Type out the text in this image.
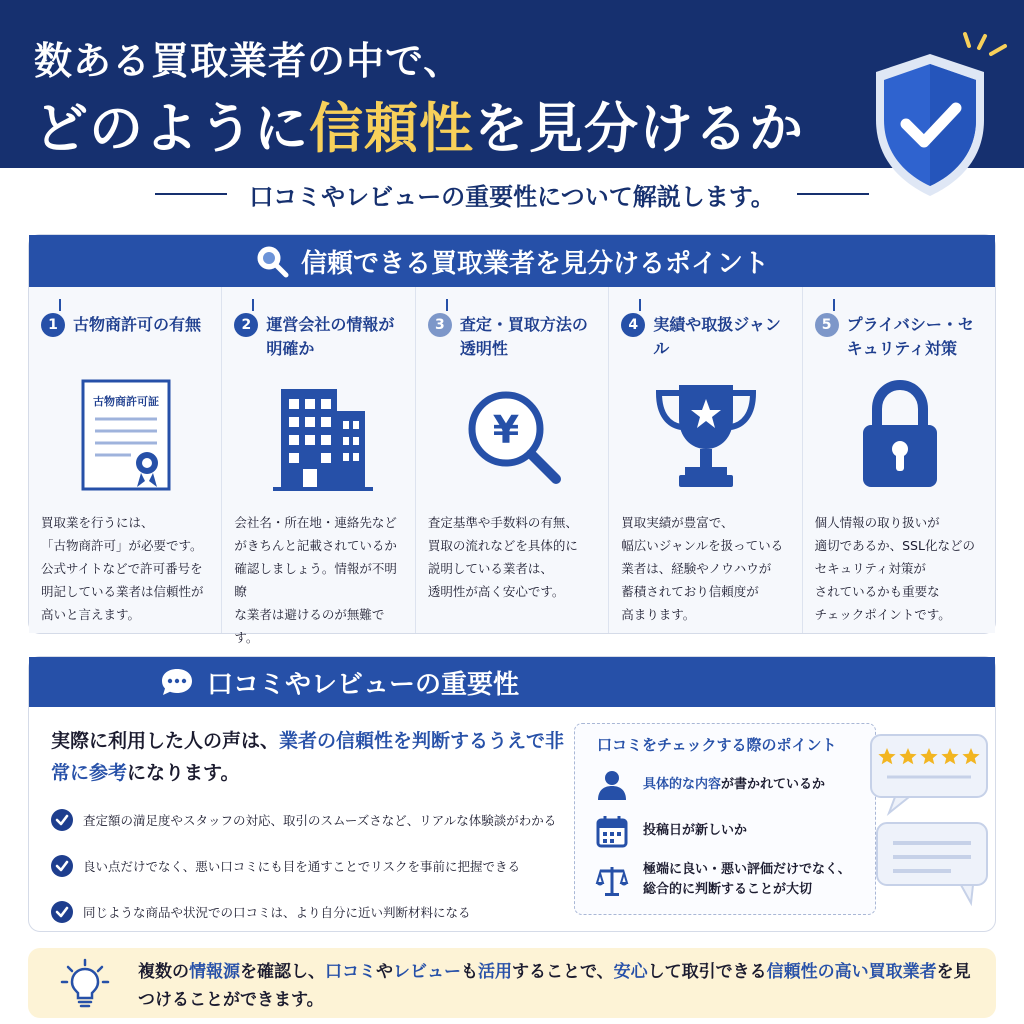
数ある買取業者の中で、
どのように信頼性を見分けるか
口コミやレビューの重要性について解説します。
信頼できる買取業者を見分けるポイント
1 古物商許可の有無
古物商許可証
買取業を行うには、
「古物商許可」が必要です。
公式サイトなどで許可番号を
明記している業者は信頼性が
高いと言えます。
2 運営会社の情報が明確か
会社名・所在地・連絡先など
がきちんと記載されているか
確認しましょう。情報が不明瞭
な業者は避けるのが無難です。
3 査定・買取方法の透明性
¥
査定基準や手数料の有無、
買取の流れなどを具体的に
説明している業者は、
透明性が高く安心です。
4 実績や取扱ジャンル
買取実績が豊富で、
幅広いジャンルを扱っている
業者は、経験やノウハウが
蓄積されており信頼度が
高まります。
5 プライバシー・セキュリティ対策
個人情報の取り扱いが
適切であるか、SSL化などの
セキュリティ対策が
されているかも重要な
チェックポイントです。
口コミやレビューの重要性
実際に利用した人の声は、業者の信頼性を判断するうえで非常に参考になります。
査定額の満足度やスタッフの対応、取引のスムーズさなど、リアルな体験談がわかる
良い点だけでなく、悪い口コミにも目を通すことでリスクを事前に把握できる
同じような商品や状況での口コミは、より自分に近い判断材料になる
口コミをチェックする際のポイント
具体的な内容が書かれているか
投稿日が新しいか
極端に良い・悪い評価だけでなく、総合的に判断することが大切
複数の情報源を確認し、口コミやレビューも活用することで、安心して取引できる信頼性の高い買取業者を見つけることができます。
